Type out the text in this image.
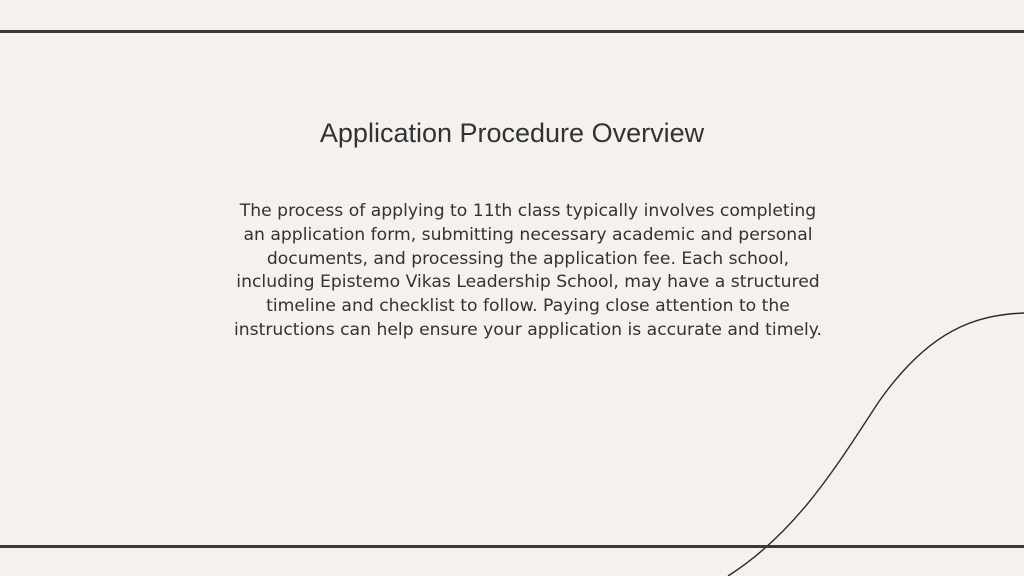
Application Procedure Overview

The process of applying to 11th class typically involves completing an application form, submitting necessary academic and personal documents, and processing the application fee. Each school, including Epistemo Vikas Leadership School, may have a structured timeline and checklist to follow. Paying close attention to the instructions can help ensure your application is accurate and timely.
